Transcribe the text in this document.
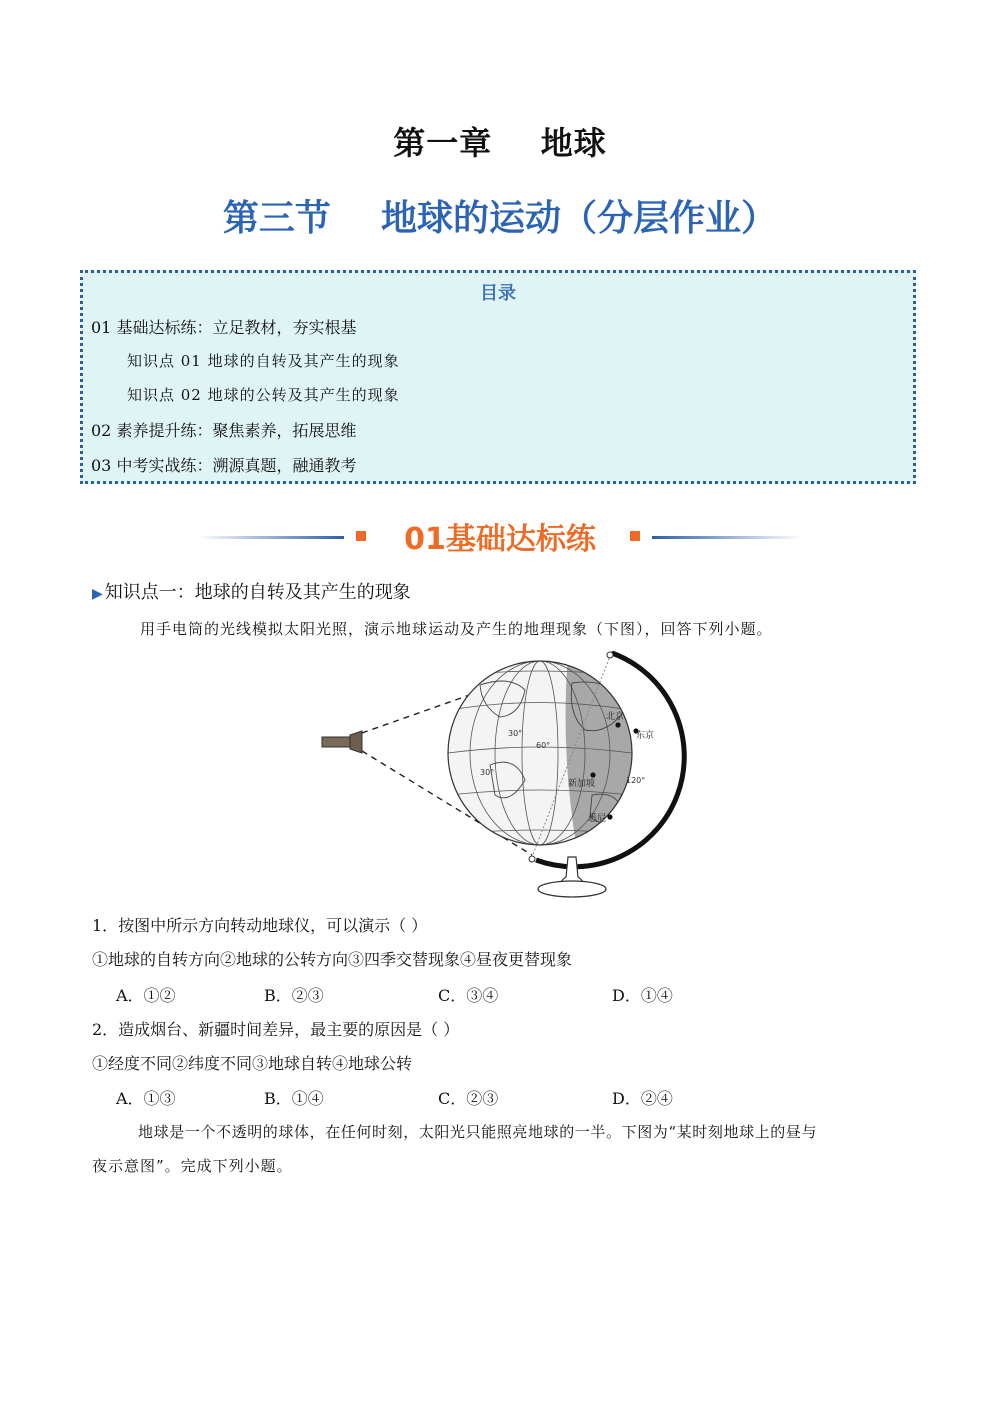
第一章    地球
第三节    地球的运动（分层作业）
目录
01 基础达标练：立足教材，夯实根基
知识点 01 地球的自转及其产生的现象
知识点 02 地球的公转及其产生的现象
02 素养提升练：聚焦素养，拓展思维
03 中考实战练：溯源真题，融通教考
01基础达标练
▶ 知识点一：地球的自转及其产生的现象
用手电筒的光线模拟太阳光照，演示地球运动及产生的地理现象（下图），回答下列小题。
北京
东京
新加坡
悉尼
30°
30°
60°
120°
1．按图中所示方向转动地球仪，可以演示（ ）
①地球的自转方向②地球的公转方向③四季交替现象④昼夜更替现象
A．①②	B．②③	C．③④	D．①④
2．造成烟台、新疆时间差异，最主要的原因是（ ）
①经度不同②纬度不同③地球自转④地球公转
A．①③	B．①④	C．②③	D．②④
地球是一个不透明的球体，在任何时刻，太阳光只能照亮地球的一半。下图为“某时刻地球上的昼与
夜示意图”。完成下列小题。
